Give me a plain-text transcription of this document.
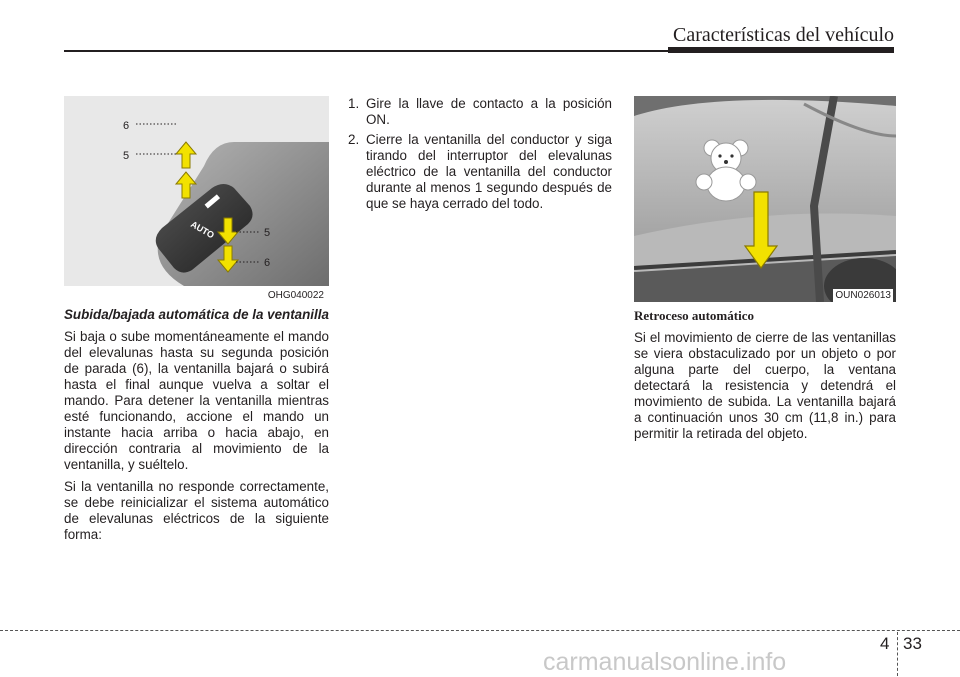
Características del vehículo
AUTO
6
5
5
6
OHG040022	OUN026013

Subida/bajada automática de la ventanilla

Si baja o sube momentáneamente el mando del elevalunas hasta su segunda posición de parada (6), la ventanilla bajará o subirá hasta el final aunque vuelva a soltar el mando. Para detener la ventanilla mientras esté funcionando, accione el mando un instante hacia arriba o hacia abajo, en dirección contraria al movimiento de la ventanilla, y suéltelo.

Si la ventanilla no responde correctamente, se debe reinicializar el sistema automático de elevalunas eléctricos de la siguiente forma:

1. Gire la llave de contacto a la posición ON.
2. Cierre la ventanilla del conductor y siga tirando del interruptor del elevalunas eléctrico de la ventanilla del conductor durante al menos 1 segundo después de que se haya cerrado del todo.

Retroceso automático

Si el movimiento de cierre de las ventanillas se viera obstaculizado por un objeto o por alguna parte del cuerpo, la ventana detectará la resistencia y detendrá el movimiento de subida. La ventanilla bajará a continuación unos 30 cm (11,8 in.) para permitir la retirada del objeto.

4 33
carmanualsonline.info
